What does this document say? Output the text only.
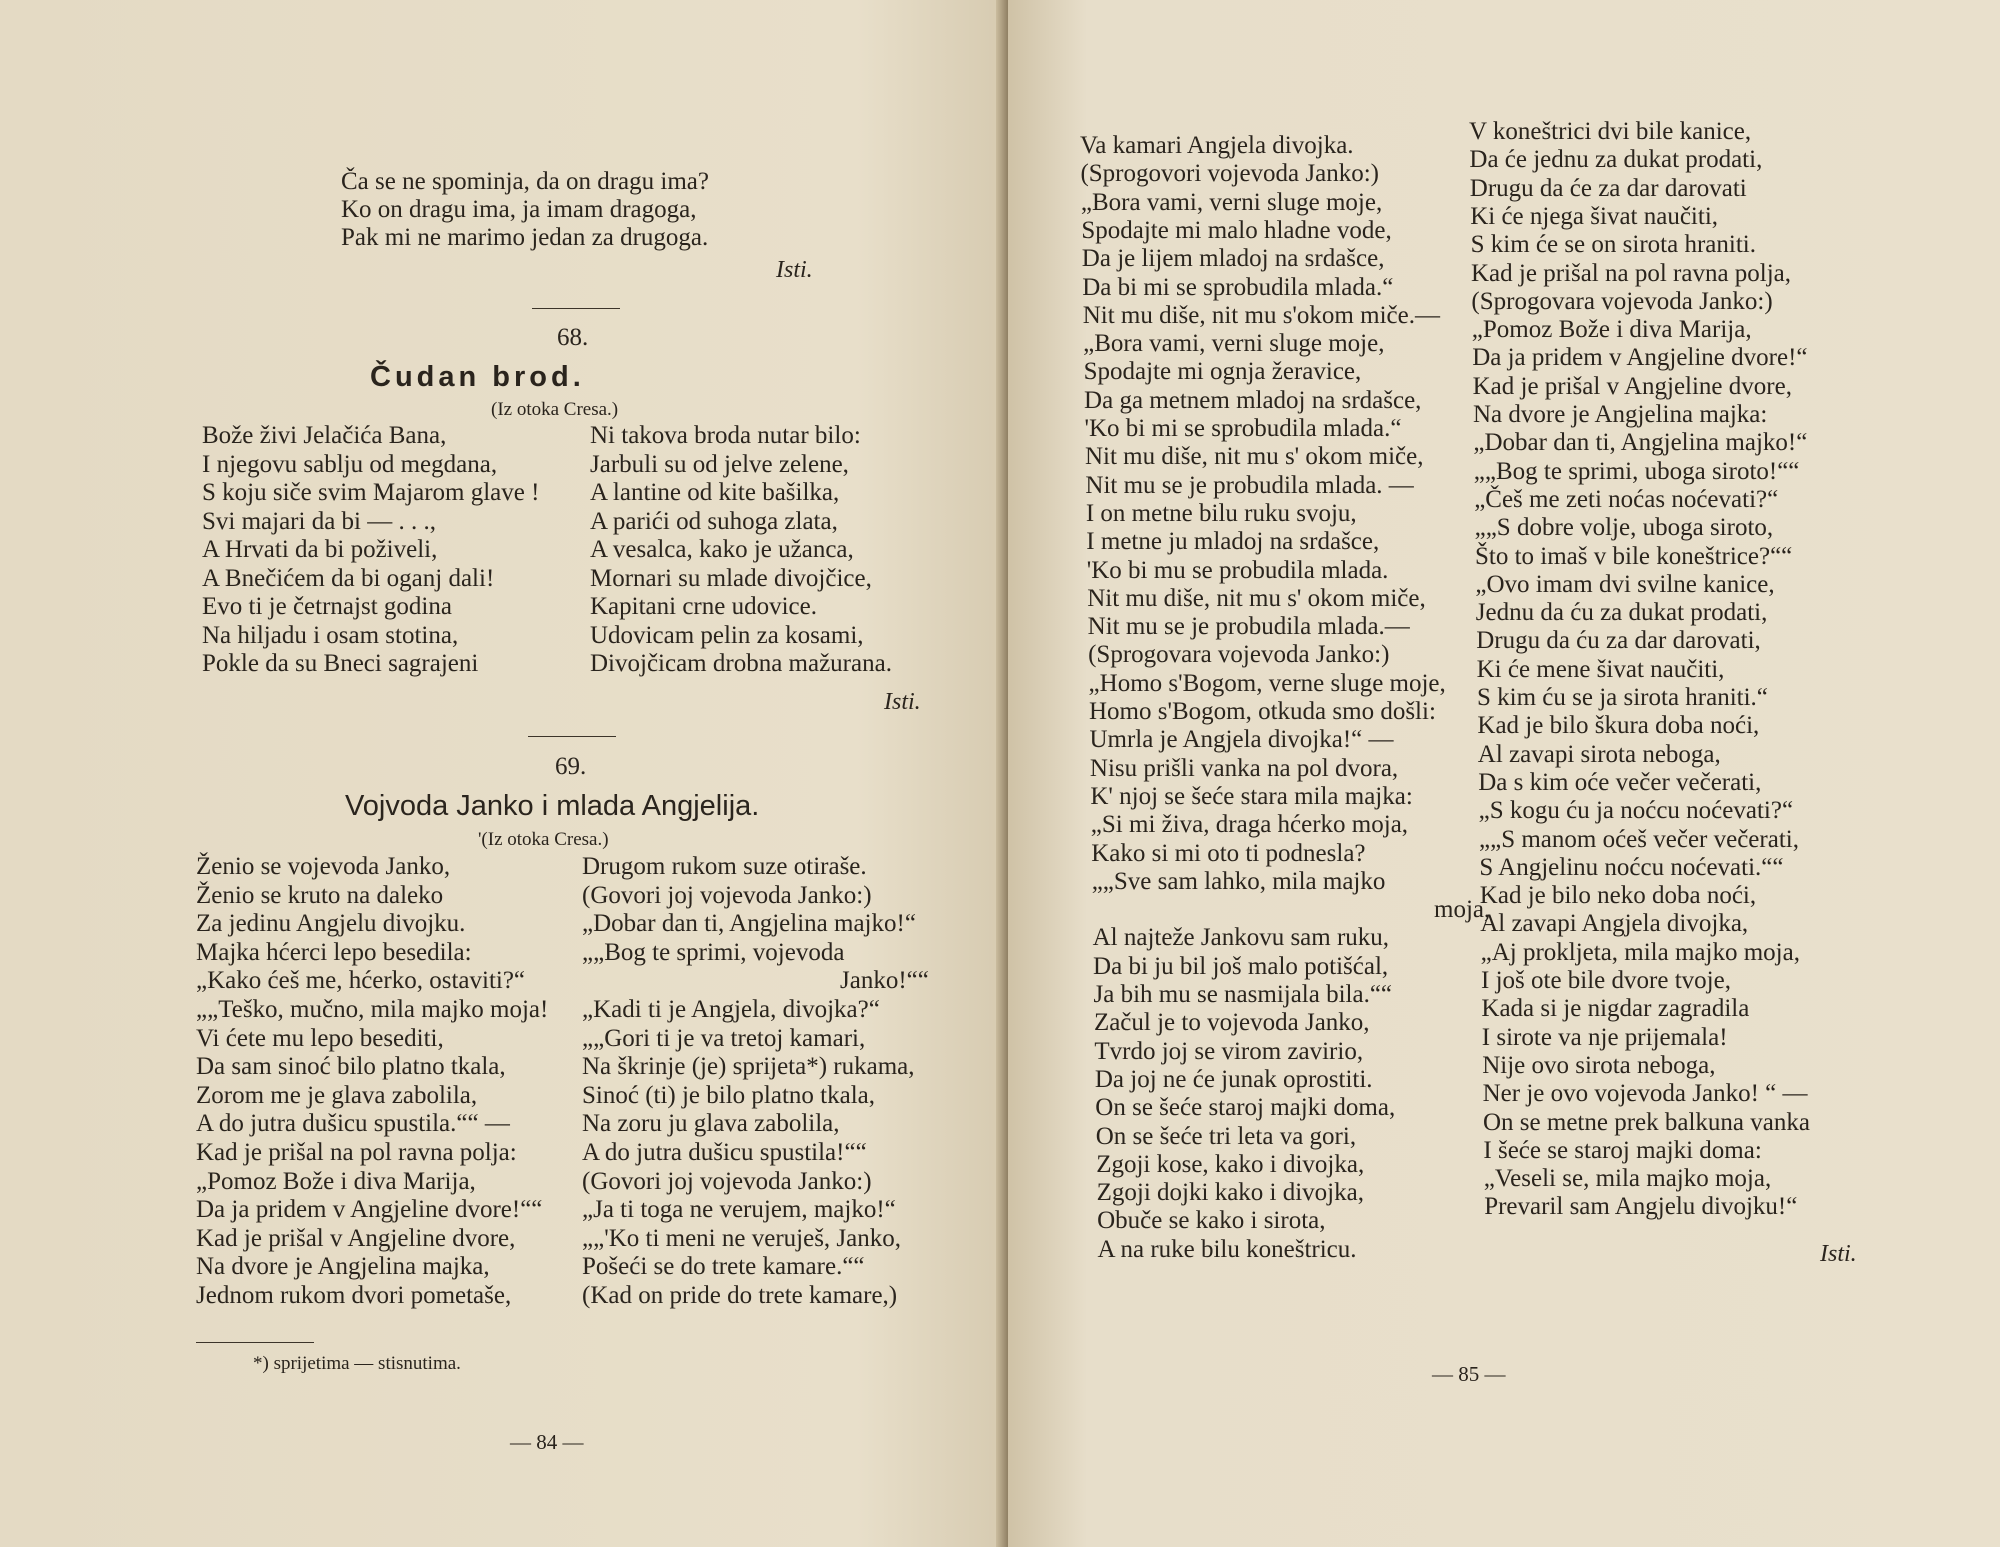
Ča se ne spominja, da on dragu ima?
Ko on dragu ima, ja imam dragoga,
Pak mi ne marimo jedan za drugoga.
Isti.
68.
Čudan brod.
(Iz otoka Cresa.)
Bože živi Jelačića Bana,
I njegovu sablju od megdana,
S koju siče svim Majarom glave !
Svi majari da bi — . . .,
A Hrvati da bi poživeli,
A Bnečićem da bi oganj dali!
Evo ti je četrnajst godina
Na hiljadu i osam stotina,
Pokle da su Bneci sagrajeni
Ni takova broda nutar bilo:
Jarbuli su od jelve zelene,
A lantine od kite bašilka,
A parići od suhoga zlata,
A vesalca, kako je užanca,
Mornari su mlade divojčice,
Kapitani crne udovice.
Udovicam pelin za kosami,
Divojčicam drobna mažurana.
Isti.
69.
Vojvoda Janko i mlada Angjelija.
'(Iz otoka Cresa.)
Ženio se vojevoda Janko,
Ženio se kruto na daleko
Za jedinu Angjelu divojku.
Majka hćerci lepo besedila:
„Kako ćeš me, hćerko, ostaviti?“
„„Teško, mučno, mila majko moja!
Vi ćete mu lepo besediti,
Da sam sinoć bilo platno tkala,
Zorom me je glava zabolila,
A do jutra dušicu spustila.““ —
Kad je prišal na pol ravna polja:
„Pomoz Bože i diva Marija,
Da ja pridem v Angjeline dvore!““
Kad je prišal v Angjeline dvore,
Na dvore je Angjelina majka,
Jednom rukom dvori pometaše,
Drugom rukom suze otiraše.
(Govori joj vojevoda Janko:)
„Dobar dan ti, Angjelina majko!“
„„Bog te sprimi, vojevoda
Janko!““
„Kadi ti je Angjela, divojka?“
„„Gori ti je va tretoj kamari,
Na škrinje (je) sprijeta*) rukama,
Sinoć (ti) je bilo platno tkala,
Na zoru ju glava zabolila,
A do jutra dušicu spustila!““
(Govori joj vojevoda Janko:)
„Ja ti toga ne verujem, majko!“
„„'Ko ti meni ne veruješ, Janko,
Pošeći se do trete kamare.““
(Kad on pride do trete kamare,)
*) sprijetima — stisnutima.
— 84 —
Va kamari Angjela divojka.
(Sprogovori vojevoda Janko:)
„Bora vami, verni sluge moje,
Spodajte mi malo hladne vode,
Da je lijem mladoj na srdašce,
Da bi mi se sprobudila mlada.“
Nit mu diše, nit mu s'okom miče.—
„Bora vami, verni sluge moje,
Spodajte mi ognja žeravice,
Da ga metnem mladoj na srdašce,
'Ko bi mi se sprobudila mlada.“
Nit mu diše, nit mu s' okom miče,
Nit mu se je probudila mlada. —
I on metne bilu ruku svoju,
I metne ju mladoj na srdašce,
'Ko bi mu se probudila mlada.
Nit mu diše, nit mu s' okom miče,
Nit mu se je probudila mlada.—
(Sprogovara vojevoda Janko:)
„Homo s'Bogom, verne sluge moje,
Homo s'Bogom, otkuda smo došli:
Umrla je Angjela divojka!“ —
Nisu prišli vanka na pol dvora,
K' njoj se šeće stara mila majka:
„Si mi živa, draga hćerko moja,
Kako si mi oto ti podnesla?
„„Sve sam lahko, mila majko
moja,
Al najteže Jankovu sam ruku,
Da bi ju bil još malo potišćal,
Ja bih mu se nasmijala bila.““
Začul je to vojevoda Janko,
Tvrdo joj se virom zavirio,
Da joj ne će junak oprostiti.
On se šeće staroj majki doma,
On se šeće tri leta va gori,
Zgoji kose, kako i divojka,
Zgoji dojki kako i divojka,
Obuče se kako i sirota,
A na ruke bilu koneštricu.
V koneštrici dvi bile kanice,
Da će jednu za dukat prodati,
Drugu da će za dar darovati
Ki će njega šivat naučiti,
S kim će se on sirota hraniti.
Kad je prišal na pol ravna polja,
(Sprogovara vojevoda Janko:)
„Pomoz Bože i diva Marija,
Da ja pridem v Angjeline dvore!“
Kad je prišal v Angjeline dvore,
Na dvore je Angjelina majka:
„Dobar dan ti, Angjelina majko!“
„„Bog te sprimi, uboga siroto!““
„Češ me zeti noćas noćevati?“
„„S dobre volje, uboga siroto,
Što to imaš v bile koneštrice?““
„Ovo imam dvi svilne kanice,
Jednu da ću za dukat prodati,
Drugu da ću za dar darovati,
Ki će mene šivat naučiti,
S kim ću se ja sirota hraniti.“
Kad je bilo škura doba noći,
Al zavapi sirota neboga,
Da s kim oće večer večerati,
„S kogu ću ja noćcu noćevati?“
„„S manom oćeš večer večerati,
S Angjelinu noćcu noćevati.““
Kad je bilo neko doba noći,
Al zavapi Angjela divojka,
„Aj prokljeta, mila majko moja,
I još ote bile dvore tvoje,
Kada si je nigdar zagradila
I sirote va nje prijemala!
Nije ovo sirota neboga,
Ner je ovo vojevoda Janko! “ —
On se metne prek balkuna vanka
I šeće se staroj majki doma:
„Veseli se, mila majko moja,
Prevaril sam Angjelu divojku!“
Isti.
— 85 —
